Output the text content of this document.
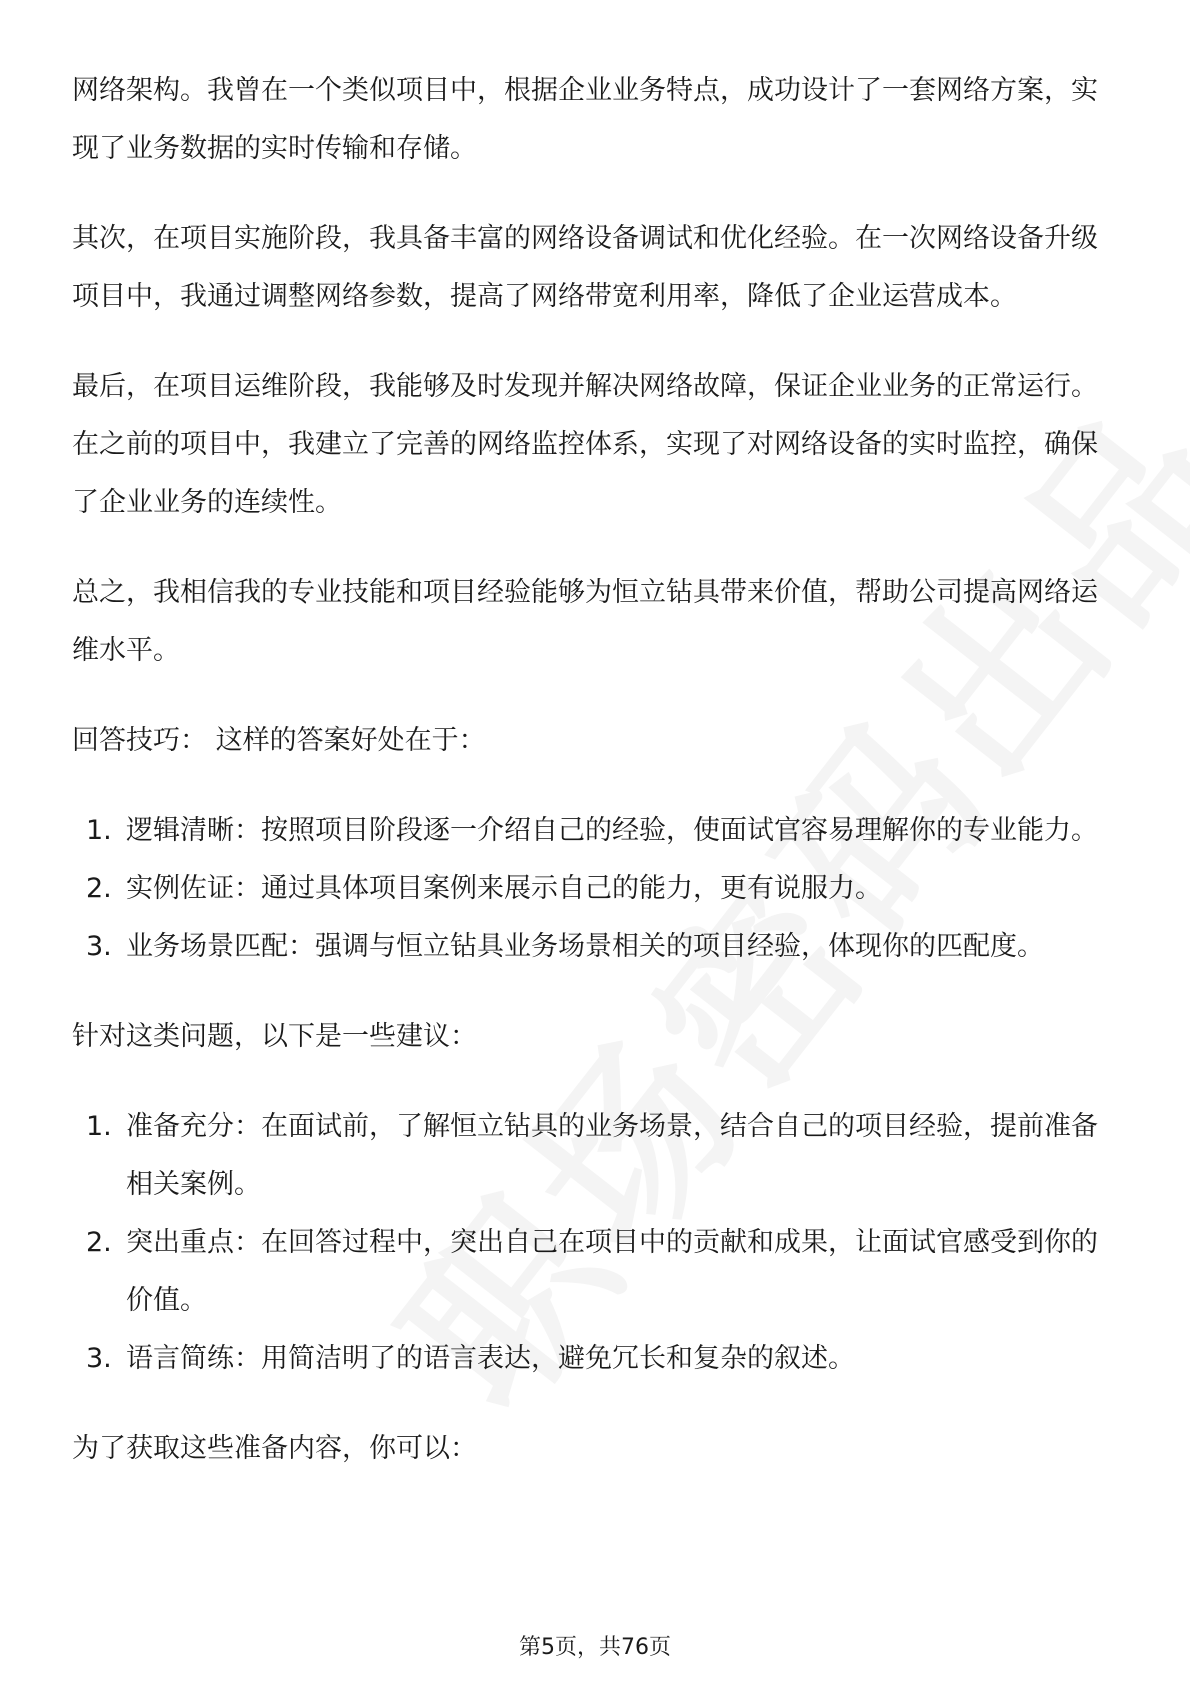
网络架构。我曾在一个类似项目中，根据企业业务特点，成功设计了一套网络方案，实现了业务数据的实时传输和存储。

其次，在项目实施阶段，我具备丰富的网络设备调试和优化经验。在一次网络设备升级项目中，我通过调整网络参数，提高了网络带宽利用率，降低了企业运营成本。

最后，在项目运维阶段，我能够及时发现并解决网络故障，保证企业业务的正常运行。在之前的项目中，我建立了完善的网络监控体系，实现了对网络设备的实时监控，确保了企业业务的连续性。

总之，我相信我的专业技能和项目经验能够为恒立钻具带来价值，帮助公司提高网络运维水平。

回答技巧： 这样的答案好处在于：

1. 逻辑清晰：按照项目阶段逐一介绍自己的经验，使面试官容易理解你的专业能力。
2. 实例佐证：通过具体项目案例来展示自己的能力，更有说服力。
3. 业务场景匹配：强调与恒立钻具业务场景相关的项目经验，体现你的匹配度。

针对这类问题，以下是一些建议：

1. 准备充分：在面试前，了解恒立钻具的业务场景，结合自己的项目经验，提前准备相关案例。
2. 突出重点：在回答过程中，突出自己在项目中的贡献和成果，让面试官感受到你的价值。
3. 语言简练：用简洁明了的语言表达，避免冗长和复杂的叙述。

为了获取这些准备内容，你可以：

第5页，共76页
